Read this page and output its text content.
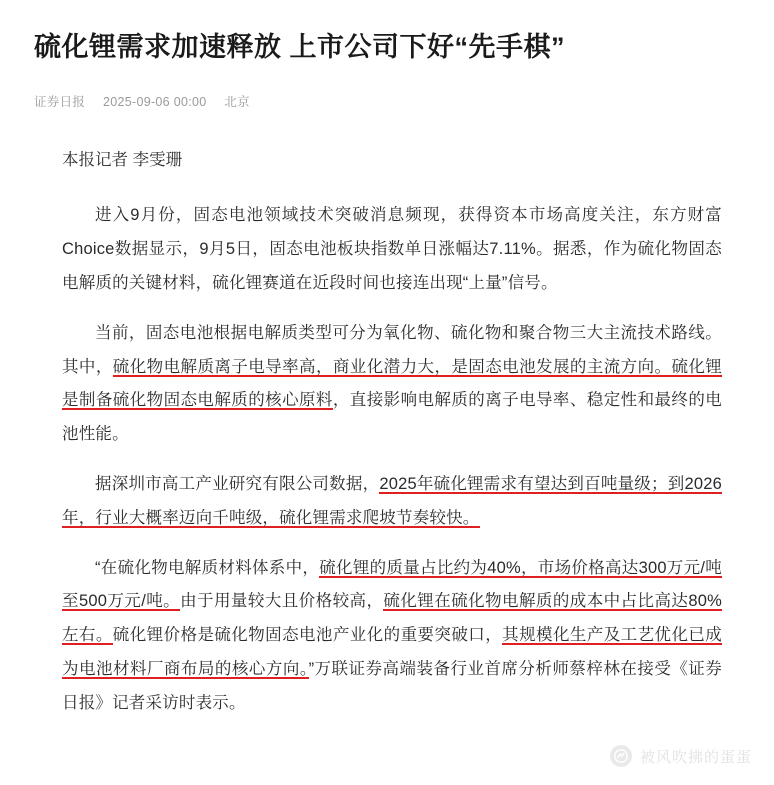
硫化锂需求加速释放 上市公司下好“先手棋”
证券日报 2025-09-06 00:00 北京

本报记者 李雯珊

进入9月份，固态电池领域技术突破消息频现，获得资本市场高度关注，东方财富Choice数据显示，9月5日，固态电池板块指数单日涨幅达7.11%。据悉，作为硫化物固态电解质的关键材料，硫化锂赛道在近段时间也接连出现“上量”信号。

当前，固态电池根据电解质类型可分为氧化物、硫化物和聚合物三大主流技术路线。其中，硫化物电解质离子电导率高，商业化潜力大，是固态电池发展的主流方向。硫化锂是制备硫化物固态电解质的核心原料，直接影响电解质的离子电导率、稳定性和最终的电池性能。

据深圳市高工产业研究有限公司数据，2025年硫化锂需求有望达到百吨量级；到2026年，行业大概率迈向千吨级，硫化锂需求爬坡节奏较快。

“在硫化物电解质材料体系中，硫化锂的质量占比约为40%，市场价格高达300万元/吨至500万元/吨。由于用量较大且价格较高，硫化锂在硫化物电解质的成本中占比高达80%左右。硫化锂价格是硫化物固态电池产业化的重要突破口，其规模化生产及工艺优化已成为电池材料厂商布局的核心方向。”万联证券高端装备行业首席分析师蔡梓林在接受《证券日报》记者采访时表示。

被风吹拂的蛋蛋
